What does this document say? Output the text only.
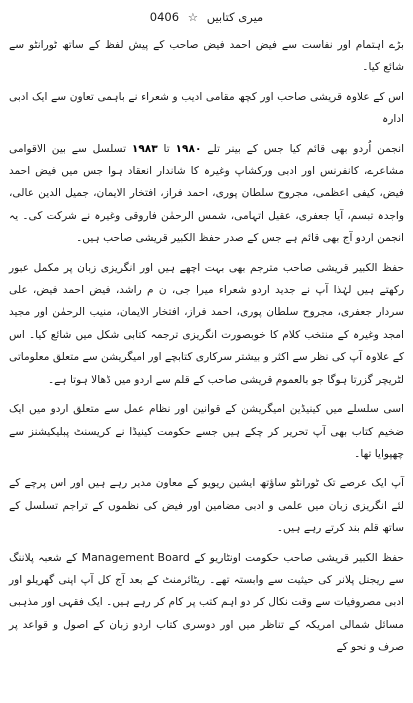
میری کتابیں ☆ 0406

بڑے اہتمام اور نفاست سے فیض احمد فیض صاحب کے پیش لفظ کے ساتھ ٹورانٹو سے شائع کیا۔

اس کے علاوہ قریشی صاحب اور کچھ مقامی ادیب و شعراء نے باہمی تعاون سے ایک ادبی ادارہ

انجمن اُردو بھی قائم کیا جس کے بینر تلے ۱۹۸۰ تا ۱۹۸۳ تسلسل سے بین الاقوامی مشاعرے، کانفرنس اور ادبی ورکشاپ وغیرہ کا شاندار انعقاد ہوا جس میں فیض احمد فیض، کیفی اعظمی، مجروح سلطان پوری، احمد فراز، افتخار الایمان، جمیل الدین عالی، واجدہ تبسم، آیا جعفری، عقیل اتہامی، شمس الرحمٰن فاروقی وغیرہ نے شرکت کی۔ یہ انجمن اردو آج بھی قائم ہے جس کے صدر حفظ الکبیر قریشی صاحب ہیں۔

حفظ الکبیر قریشی صاحب مترجم بھی بہت اچھے ہیں اور انگریزی زبان پر مکمل عبور رکھتے ہیں لہٰذا آپ نے جدید اردو شعراء میرا جی، ن م راشد، فیض احمد فیض، علی سردار جعفری، مجروح سلطان پوری، احمد فراز، افتخار الایمان، منیب الرحمٰن اور مجید امجد وغیرہ کے منتخب کلام کا خوبصورت انگریزی ترجمہ کتابی شکل میں شائع کیا۔ اس کے علاوہ آپ کی نظر سے اکثر و بیشتر سرکاری کتابچے اور امیگریشن سے متعلق معلوماتی لٹریچر گزرتا ہوگا جو بالعموم قریشی صاحب کے قلم سے اردو میں ڈھالا ہوتا ہے۔

اسی سلسلے میں کینیڈین امیگریشن کے قوانین اور نظام عمل سے متعلق اردو میں ایک ضخیم کتاب بھی آپ تحریر کر چکے ہیں جسے حکومت کینیڈا نے کریسنٹ پبلیکیشنز سے چھپوایا تھا۔

آپ ایک عرصے تک ٹورانٹو ساؤتھ ایشین ریویو کے معاون مدیر رہے ہیں اور اس پرچے کے لئے انگریزی زبان میں علمی و ادبی مضامین اور فیض کی نظموں کے تراجم تسلسل کے ساتھ قلم بند کرتے رہے ہیں۔

حفظ الکبیر قریشی صاحب حکومت اونٹاریو کے Management Board کے شعبہ پلاننگ سے ریجنل پلانر کی حیثیت سے وابستہ تھے۔ ریٹائرمنٹ کے بعد آج کل آپ اپنی گھریلو اور ادبی مصروفیات سے وقت نکال کر دو اہم کتب پر کام کر رہے ہیں۔ ایک فقہی اور مذہبی مسائل شمالی امریکہ کے تناظر میں اور دوسری کتاب اردو زبان کے اصول و قواعد پر صرف و نحو کے
